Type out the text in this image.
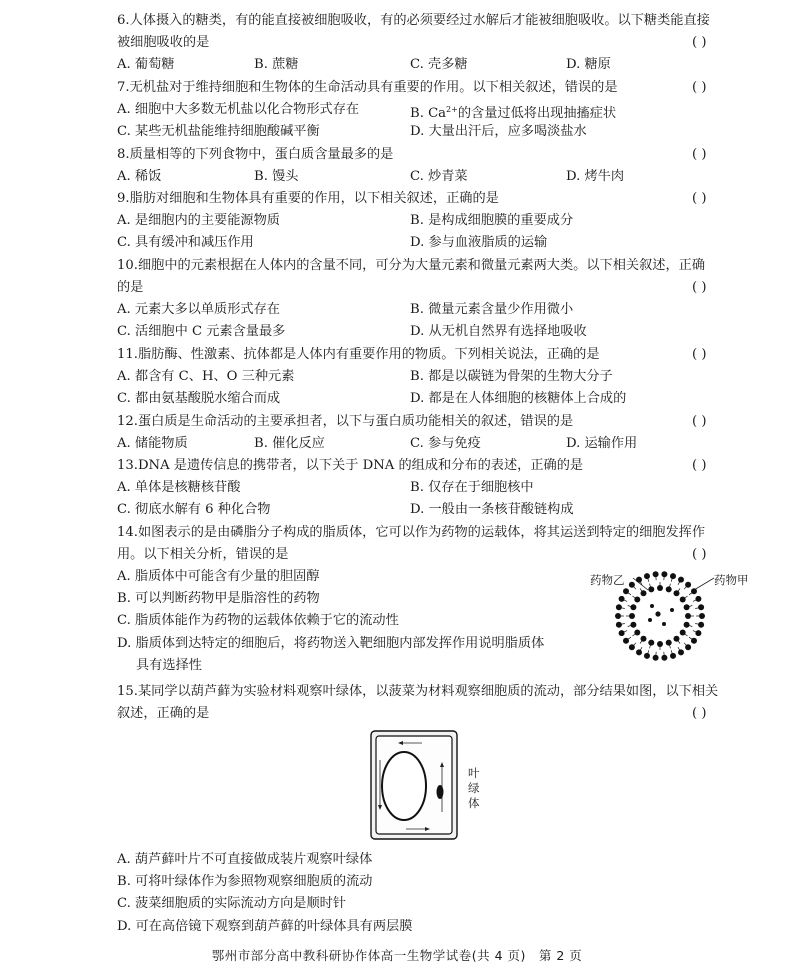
6.人体摄入的糖类，有的能直接被细胞吸收，有的必须要经过水解后才能被细胞吸收。以下糖类能直接
被细胞吸收的是	( )
A. 葡萄糖	B. 蔗糖	C. 壳多糖	D. 糖原
7.无机盐对于维持细胞和生物体的生命活动具有重要的作用。以下相关叙述，错误的是	( )
A. 细胞中大多数无机盐以化合物形式存在	B. $Ca^{2+}$的含量过低将出现抽搐症状
C. 某些无机盐能维持细胞酸碱平衡	D. 大量出汗后，应多喝淡盐水
8.质量相等的下列食物中，蛋白质含量最多的是	( )
A. 稀饭	B. 馒头	C. 炒青菜	D. 烤牛肉
9.脂肪对细胞和生物体具有重要的作用，以下相关叙述，正确的是	( )
A. 是细胞内的主要能源物质	B. 是构成细胞膜的重要成分
C. 具有缓冲和减压作用	D. 参与血液脂质的运输
10.细胞中的元素根据在人体内的含量不同，可分为大量元素和微量元素两大类。以下相关叙述，正确
的是	( )
A. 元素大多以单质形式存在	B. 微量元素含量少作用微小
C. 活细胞中 C 元素含量最多	D. 从无机自然界有选择地吸收
11.脂肪酶、性激素、抗体都是人体内有重要作用的物质。下列相关说法，正确的是	( )
A. 都含有 C、H、O 三种元素	B. 都是以碳链为骨架的生物大分子
C. 都由氨基酸脱水缩合而成	D. 都是在人体细胞的核糖体上合成的
12.蛋白质是生命活动的主要承担者，以下与蛋白质功能相关的叙述，错误的是	( )
A. 储能物质	B. 催化反应	C. 参与免疫	D. 运输作用
13.DNA 是遗传信息的携带者，以下关于 DNA 的组成和分布的表述，正确的是	( )
A. 单体是核糖核苷酸	B. 仅存在于细胞核中
C. 彻底水解有 6 种化合物	D. 一般由一条核苷酸链构成
14.如图表示的是由磷脂分子构成的脂质体，它可以作为药物的运载体，将其运送到特定的细胞发挥作
用。以下相关分析，错误的是	( )
A. 脂质体中可能含有少量的胆固醇
B. 可以判断药物甲是脂溶性的药物
C. 脂质体能作为药物的运载体依赖于它的流动性
D. 脂质体到达特定的细胞后，将药物送入靶细胞内部发挥作用说明脂质体
具有选择性
药物乙	药物甲
15.某同学以葫芦藓为实验材料观察叶绿体，以菠菜为材料观察细胞质的流动，部分结果如图，以下相关
叙述，正确的是	( )
叶
绿
体
A. 葫芦藓叶片不可直接做成装片观察叶绿体
B. 可将叶绿体作为参照物观察细胞质的流动
C. 菠菜细胞质的实际流动方向是顺时针
D. 可在高倍镜下观察到葫芦藓的叶绿体具有两层膜
鄂州市部分高中教科研协作体高一生物学试卷(共 4 页)　第 2 页
